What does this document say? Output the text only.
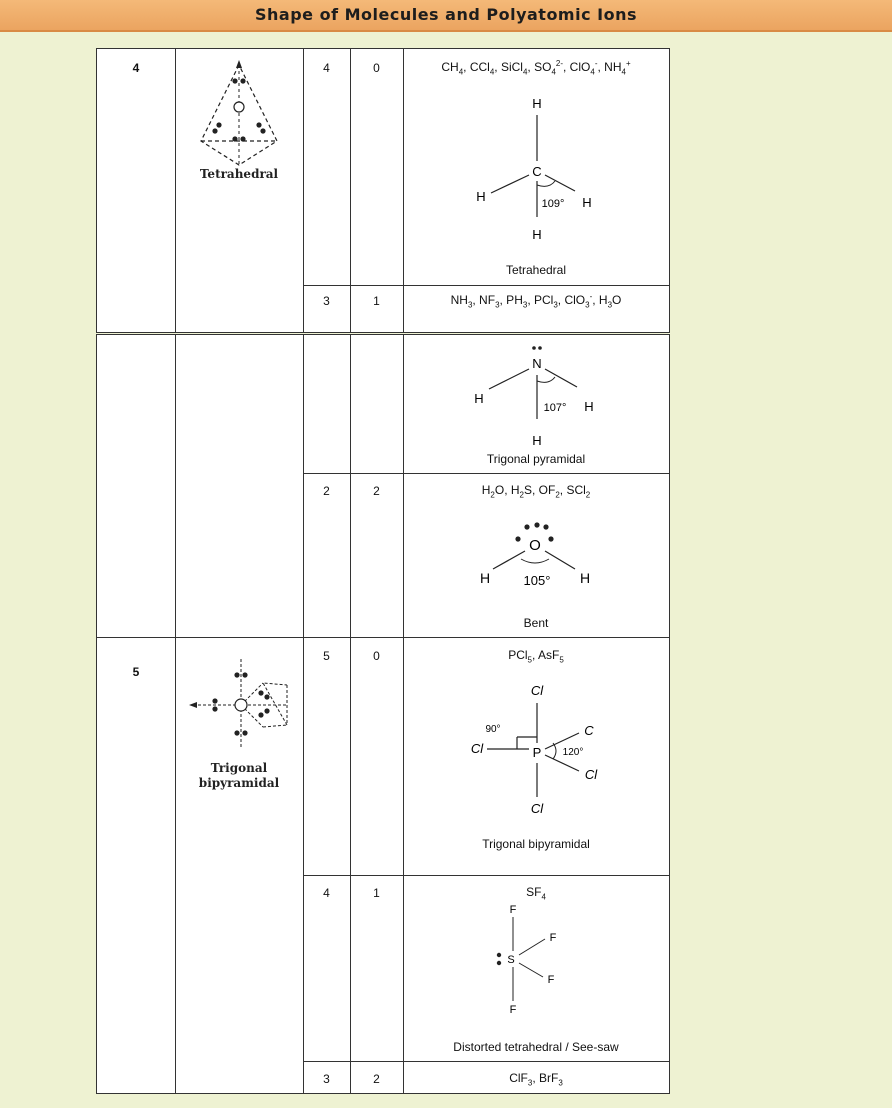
Shape of Molecules and Polyatomic Ions
4
Tetrahedral
4	0	$CH_4$, CCl$_4$, SiCl$_4$, $SO_4^{2-}$, ClO$_4$-, $NH_4^+$
H
C
H	109° H
H
Tetrahedral
3	1	$NH_3$, $NF_3$, $PH_3$, PCl$_3$, ClO$_3$-, $H_3O$
N
H
107° H
H
Trigonal pyramidal
2	2	$H_2O$, $H_2S$, $OF_2$, SCl$_2$
O
H	105° H
Bent
5
Trigonal
bipyramidal
5	0	PCl$_5$, AsF$_5$
Cl
90°
Cl	P
C
Cl
120°
Cl
Trigonal bipyramidal
4	1	$SF_4$
F
S
F
F
F
Distorted tetrahedral / See-saw
3	2	ClF$_3$, BrF$_3$
